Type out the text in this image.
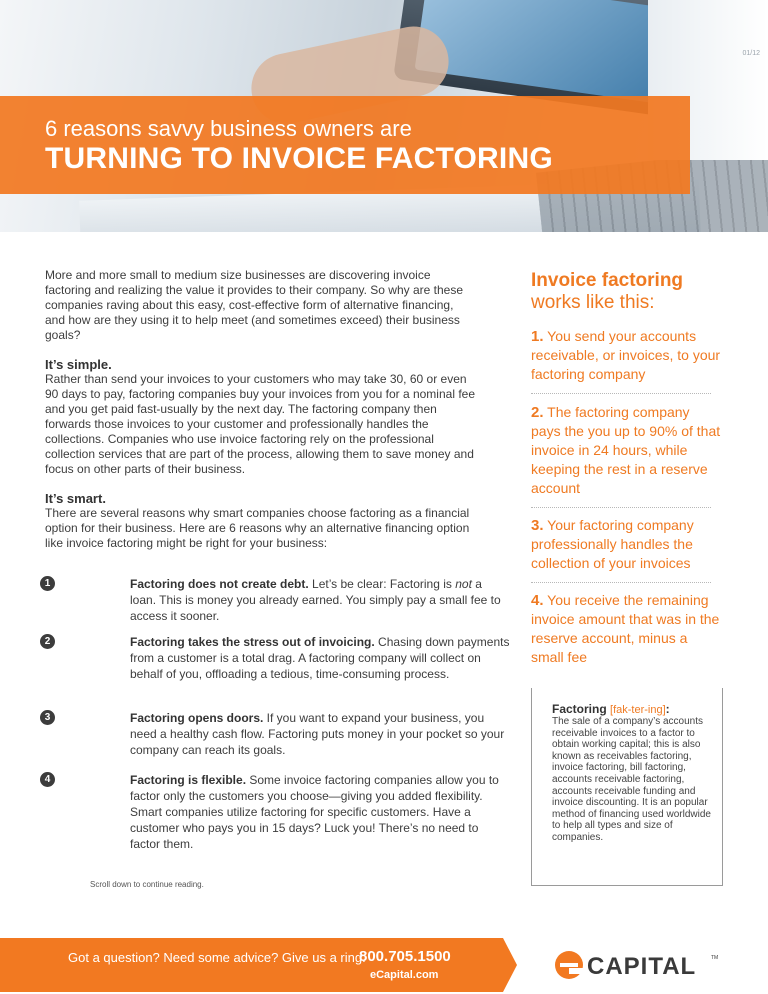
01/12
6 reasons savvy business owners are
TURNING TO INVOICE FACTORING

More and more small to medium size businesses are discovering invoice factoring and realizing the value it provides to their company. So why are these companies raving about this easy, cost-effective form of alternative financing, and how are they using it to help meet (and sometimes exceed) their business goals?

It’s simple.

Rather than send your invoices to your customers who may take 30, 60 or even 90 days to pay, factoring companies buy your invoices from you for a nominal fee and you get paid fast-usually by the next day. The factoring company then forwards those invoices to your customer and professionally handles the collections. Companies who use invoice factoring rely on the professional collection services that are part of the process, allowing them to save money and focus on other parts of their business.

It’s smart.

There are several reasons why smart companies choose factoring as a financial option for their business. Here are 6 reasons why an alternative financing option like invoice factoring might be right for your business:

1	Factoring does not create debt. Let’s be clear: Factoring is not a loan. This is money you already earned. You simply pay a small fee to access it sooner.
2	Factoring takes the stress out of invoicing. Chasing down payments from a customer is a total drag. A factoring company will collect on behalf of you, offloading a tedious, time-consuming process.
3	Factoring opens doors. If you want to expand your business, you need a healthy cash flow. Factoring puts money in your pocket so your company can reach its goals.
4	Factoring is flexible. Some invoice factoring companies allow you to factor only the customers you choose—giving you added flexibility. Smart companies utilize factoring for specific customers. Have a customer who pays you in 15 days? Luck you! There’s no need to factor them.
Scroll down to continue reading.
Invoice factoring
works like this:
1. You send your accounts receivable, or invoices, to your factoring company
2. The factoring company pays the you up to 90% of that invoice in 24 hours, while keeping the rest in a reserve account
3. Your factoring company professionally handles the collection of your invoices
4. You receive the remaining invoice amount that was in the reserve account, minus a small fee
Factoring [fak-ter-ing]:
The sale of a company’s accounts receivable invoices to a factor to obtain working capital; this is also known as receivables factoring, invoice factoring, bill factoring, accounts receivable factoring, accounts receivable funding and invoice discounting. It is an popular method of financing used worldwide to help all types and size of companies.
Got a question? Need some advice? Give us a ring.
800.705.1500
eCapital.com	CAPITAL	TM
